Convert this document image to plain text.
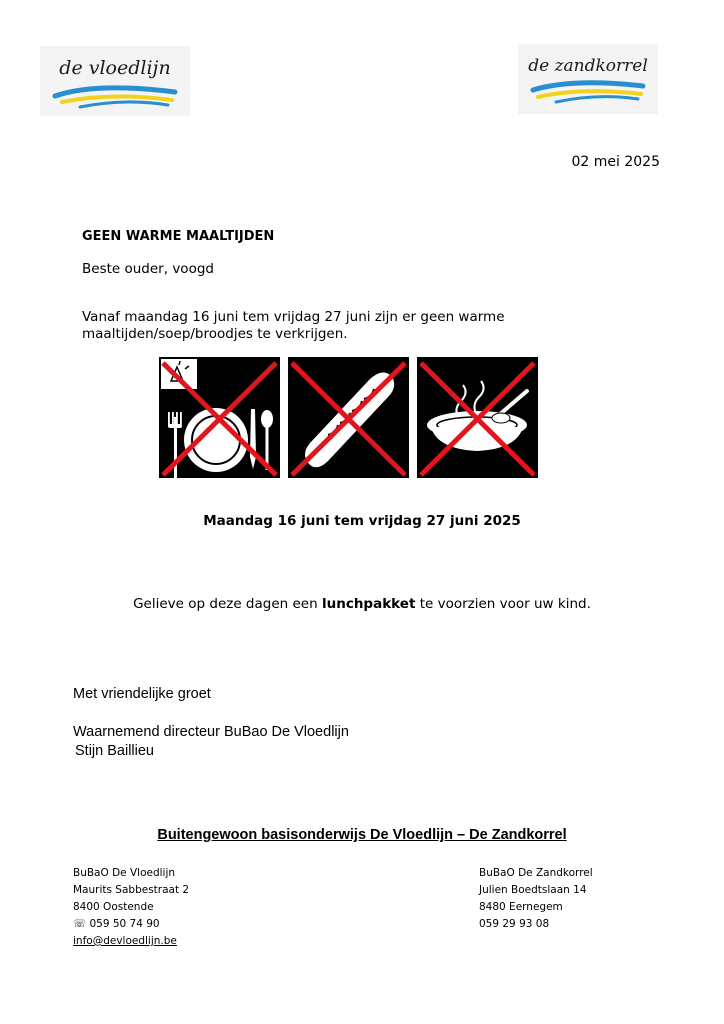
de vloedlijn	de zandkorrel
02 mei 2025
GEEN WARME MAALTIJDEN
Beste ouder, voogd
Vanaf maandag 16 juni tem vrijdag 27 juni zijn er geen warme maaltijden/soep/broodjes te verkrijgen.
Maandag 16 juni tem vrijdag 27 juni 2025
Gelieve op deze dagen een lunchpakket te voorzien voor uw kind.
Met vriendelijke groet
Waarnemend directeur BuBao De Vloedlijn
Stijn Baillieu
Buitengewoon basisonderwijs De Vloedlijn – De Zandkorrel
BuBaO De Vloedlijn
Maurits Sabbestraat 2
8400 Oostende
☏ 059 50 74 90
info@devloedlijn.be
BuBaO De Zandkorrel
Julien Boedtslaan 14
8480 Eernegem
059 29 93 08
